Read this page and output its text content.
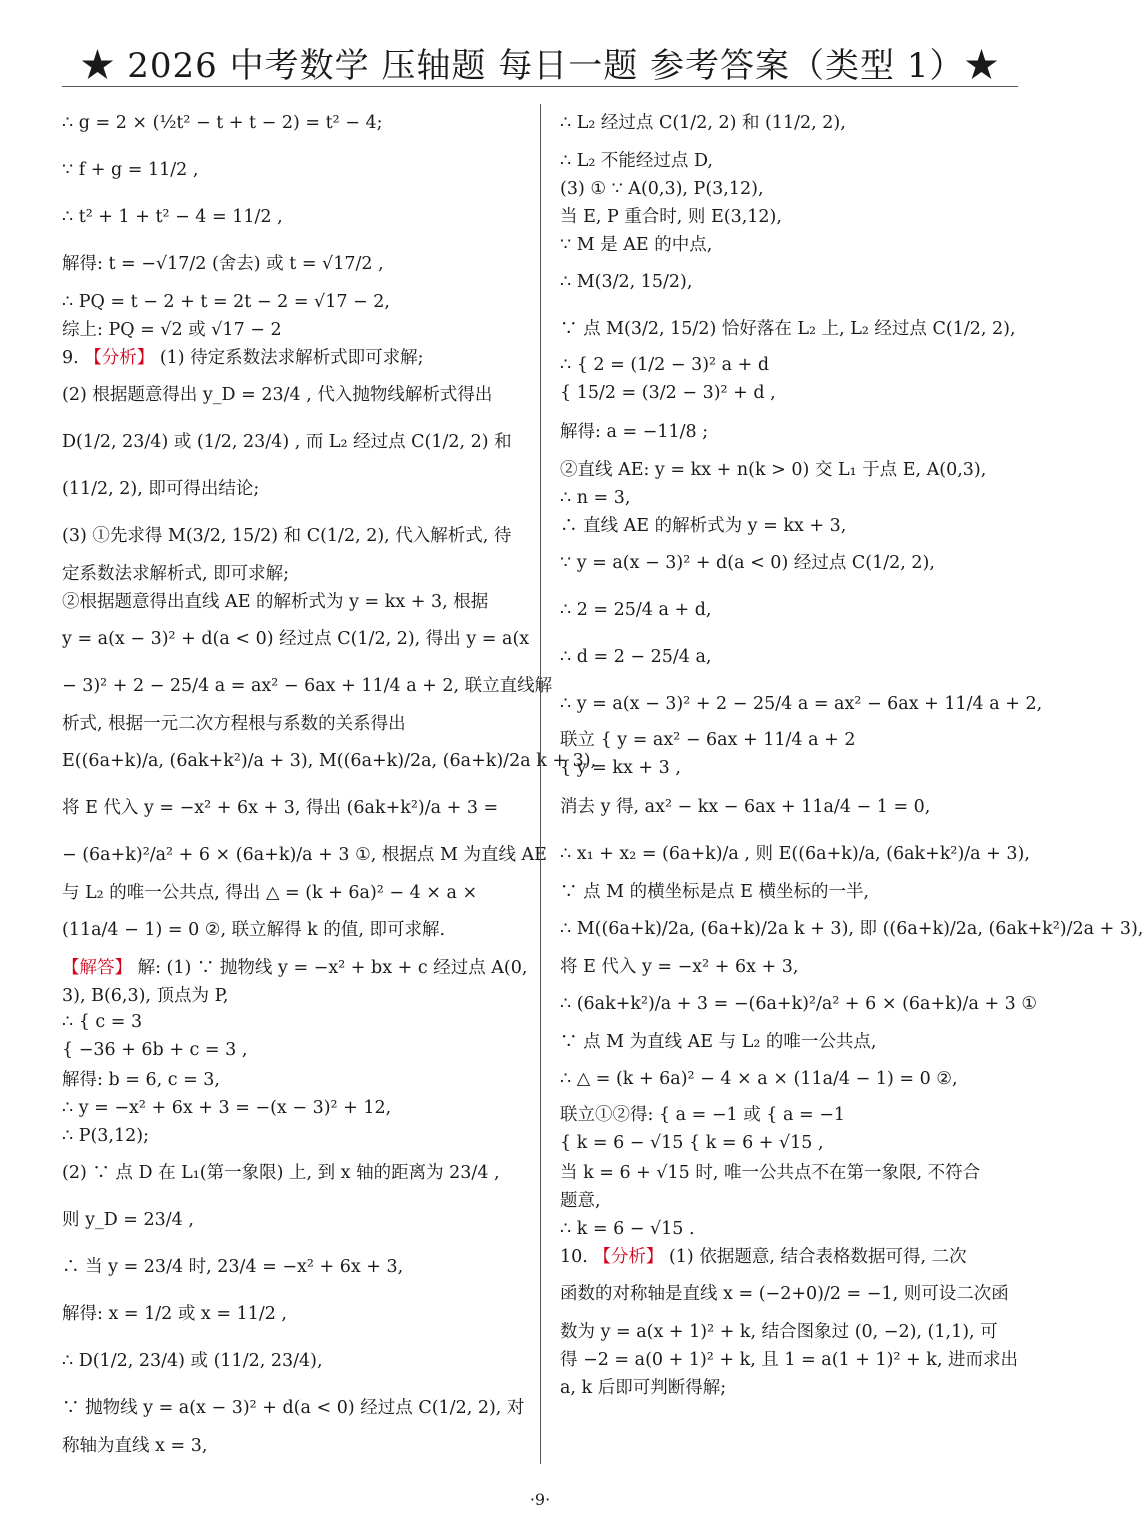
★ 2026 中考数学 压轴题 每日一题 参考答案（类型 1）★
∴ g = 2 × (½t² − t + t − 2) = t² − 4;
∵ f + g = 11/2 ,
∴ t² + 1 + t² − 4 = 11/2 ,
解得: t = −√17/2 (舍去) 或 t = √17/2 ,
∴ PQ = t − 2 + t = 2t − 2 = √17 − 2,
综上: PQ = √2 或 √17 − 2
9. 【分析】 (1) 待定系数法求解析式即可求解;
(2) 根据题意得出 y_D = 23/4 , 代入抛物线解析式得出
D(1/2, 23/4) 或 (1/2, 23/4) , 而 L₂ 经过点 C(1/2, 2) 和
(11/2, 2), 即可得出结论;
(3) ①先求得 M(3/2, 15/2) 和 C(1/2, 2), 代入解析式, 待
定系数法求解析式, 即可求解;
②根据题意得出直线 AE 的解析式为 y = kx + 3, 根据
y = a(x − 3)² + d(a < 0) 经过点 C(1/2, 2), 得出 y = a(x
− 3)² + 2 − 25/4 a = ax² − 6ax + 11/4 a + 2, 联立直线解
析式, 根据一元二次方程根与系数的关系得出
E((6a+k)/a, (6ak+k²)/a + 3), M((6a+k)/2a, (6a+k)/2a k + 3),
将 E 代入 y = −x² + 6x + 3, 得出 (6ak+k²)/a + 3 =
− (6a+k)²/a² + 6 × (6a+k)/a + 3 ①, 根据点 M 为直线 AE
与 L₂ 的唯一公共点, 得出 △ = (k + 6a)² − 4 × a ×
(11a/4 − 1) = 0 ②, 联立解得 k 的值, 即可求解.
【解答】 解: (1) ∵ 抛物线 y = −x² + bx + c 经过点 A(0,
3), B(6,3), 顶点为 P,
∴ { c = 3
{ −36 + 6b + c = 3 ,
解得: b = 6, c = 3,
∴ y = −x² + 6x + 3 = −(x − 3)² + 12,
∴ P(3,12);
(2) ∵ 点 D 在 L₁(第一象限) 上, 到 x 轴的距离为 23/4 ,
则 y_D = 23/4 ,
∴ 当 y = 23/4 时, 23/4 = −x² + 6x + 3,
解得: x = 1/2 或 x = 11/2 ,
∴ D(1/2, 23/4) 或 (11/2, 23/4),
∵ 抛物线 y = a(x − 3)² + d(a < 0) 经过点 C(1/2, 2), 对
称轴为直线 x = 3,
∴ L₂ 经过点 C(1/2, 2) 和 (11/2, 2),
∴ L₂ 不能经过点 D,
(3) ① ∵ A(0,3), P(3,12),
当 E, P 重合时, 则 E(3,12),
∵ M 是 AE 的中点,
∴ M(3/2, 15/2),
∵ 点 M(3/2, 15/2) 恰好落在 L₂ 上, L₂ 经过点 C(1/2, 2),
∴ { 2 = (1/2 − 3)² a + d
{ 15/2 = (3/2 − 3)² + d ,
解得: a = −11/8 ;
②直线 AE: y = kx + n(k > 0) 交 L₁ 于点 E, A(0,3),
∴ n = 3,
∴ 直线 AE 的解析式为 y = kx + 3,
∵ y = a(x − 3)² + d(a < 0) 经过点 C(1/2, 2),
∴ 2 = 25/4 a + d,
∴ d = 2 − 25/4 a,
∴ y = a(x − 3)² + 2 − 25/4 a = ax² − 6ax + 11/4 a + 2,
联立 { y = ax² − 6ax + 11/4 a + 2
{ y = kx + 3 ,
消去 y 得, ax² − kx − 6ax + 11a/4 − 1 = 0,
∴ x₁ + x₂ = (6a+k)/a , 则 E((6a+k)/a, (6ak+k²)/a + 3),
∵ 点 M 的横坐标是点 E 横坐标的一半,
∴ M((6a+k)/2a, (6a+k)/2a k + 3), 即 ((6a+k)/2a, (6ak+k²)/2a + 3),
将 E 代入 y = −x² + 6x + 3,
∴ (6ak+k²)/a + 3 = −(6a+k)²/a² + 6 × (6a+k)/a + 3 ①
∵ 点 M 为直线 AE 与 L₂ 的唯一公共点,
∴ △ = (k + 6a)² − 4 × a × (11a/4 − 1) = 0 ②,
联立①②得: { a = −1 或 { a = −1
{ k = 6 − √15 { k = 6 + √15 ,
当 k = 6 + √15 时, 唯一公共点不在第一象限, 不符合
题意,
∴ k = 6 − √15 .
10. 【分析】 (1) 依据题意, 结合表格数据可得, 二次
函数的对称轴是直线 x = (−2+0)/2 = −1, 则可设二次函
数为 y = a(x + 1)² + k, 结合图象过 (0, −2), (1,1), 可
得 −2 = a(0 + 1)² + k, 且 1 = a(1 + 1)² + k, 进而求出
a, k 后即可判断得解;
·9·
